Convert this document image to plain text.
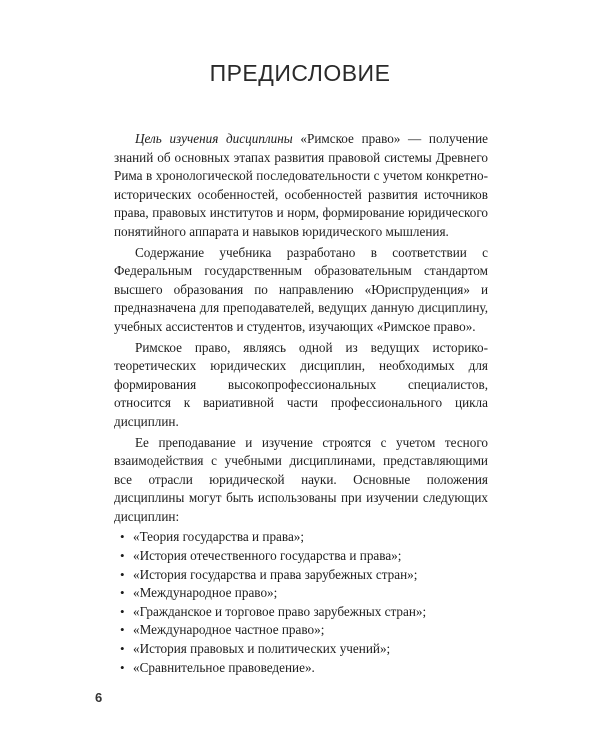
ПРЕДИСЛОВИЕ

Цель изучения дисциплины «Римское право» — получение знаний об основных этапах развития правовой системы Древнего Рима в хронологической последовательности с учетом конкретно-исторических особенностей, особенностей развития источников права, правовых институтов и норм, формирование юридического понятийного аппарата и навыков юридического мышления.

Содержание учебника разработано в соответствии с Федеральным государственным образовательным стандартом высшего образования по направлению «Юриспруденция» и предназначена для преподавателей, ведущих данную дисциплину, учебных ассистентов и студентов, изучающих «Римское право».

Римское право, являясь одной из ведущих историко-теоретических юридических дисциплин, необходимых для формирования высокопрофессиональных специалистов, относится к вариативной части профессионального цикла дисциплин.

Ее преподавание и изучение строятся с учетом тесного взаимодействия с учебными дисциплинами, представляющими все отрасли юридической науки. Основные положения дисциплины могут быть использованы при изучении следующих дисциплин:

• «Теория государства и права»;
• «История отечественного государства и права»;
• «История государства и права зарубежных стран»;
• «Международное право»;
• «Гражданское и торговое право зарубежных стран»;
• «Международное частное право»;
• «История правовых и политических учений»;
• «Сравнительное правоведение».
6
